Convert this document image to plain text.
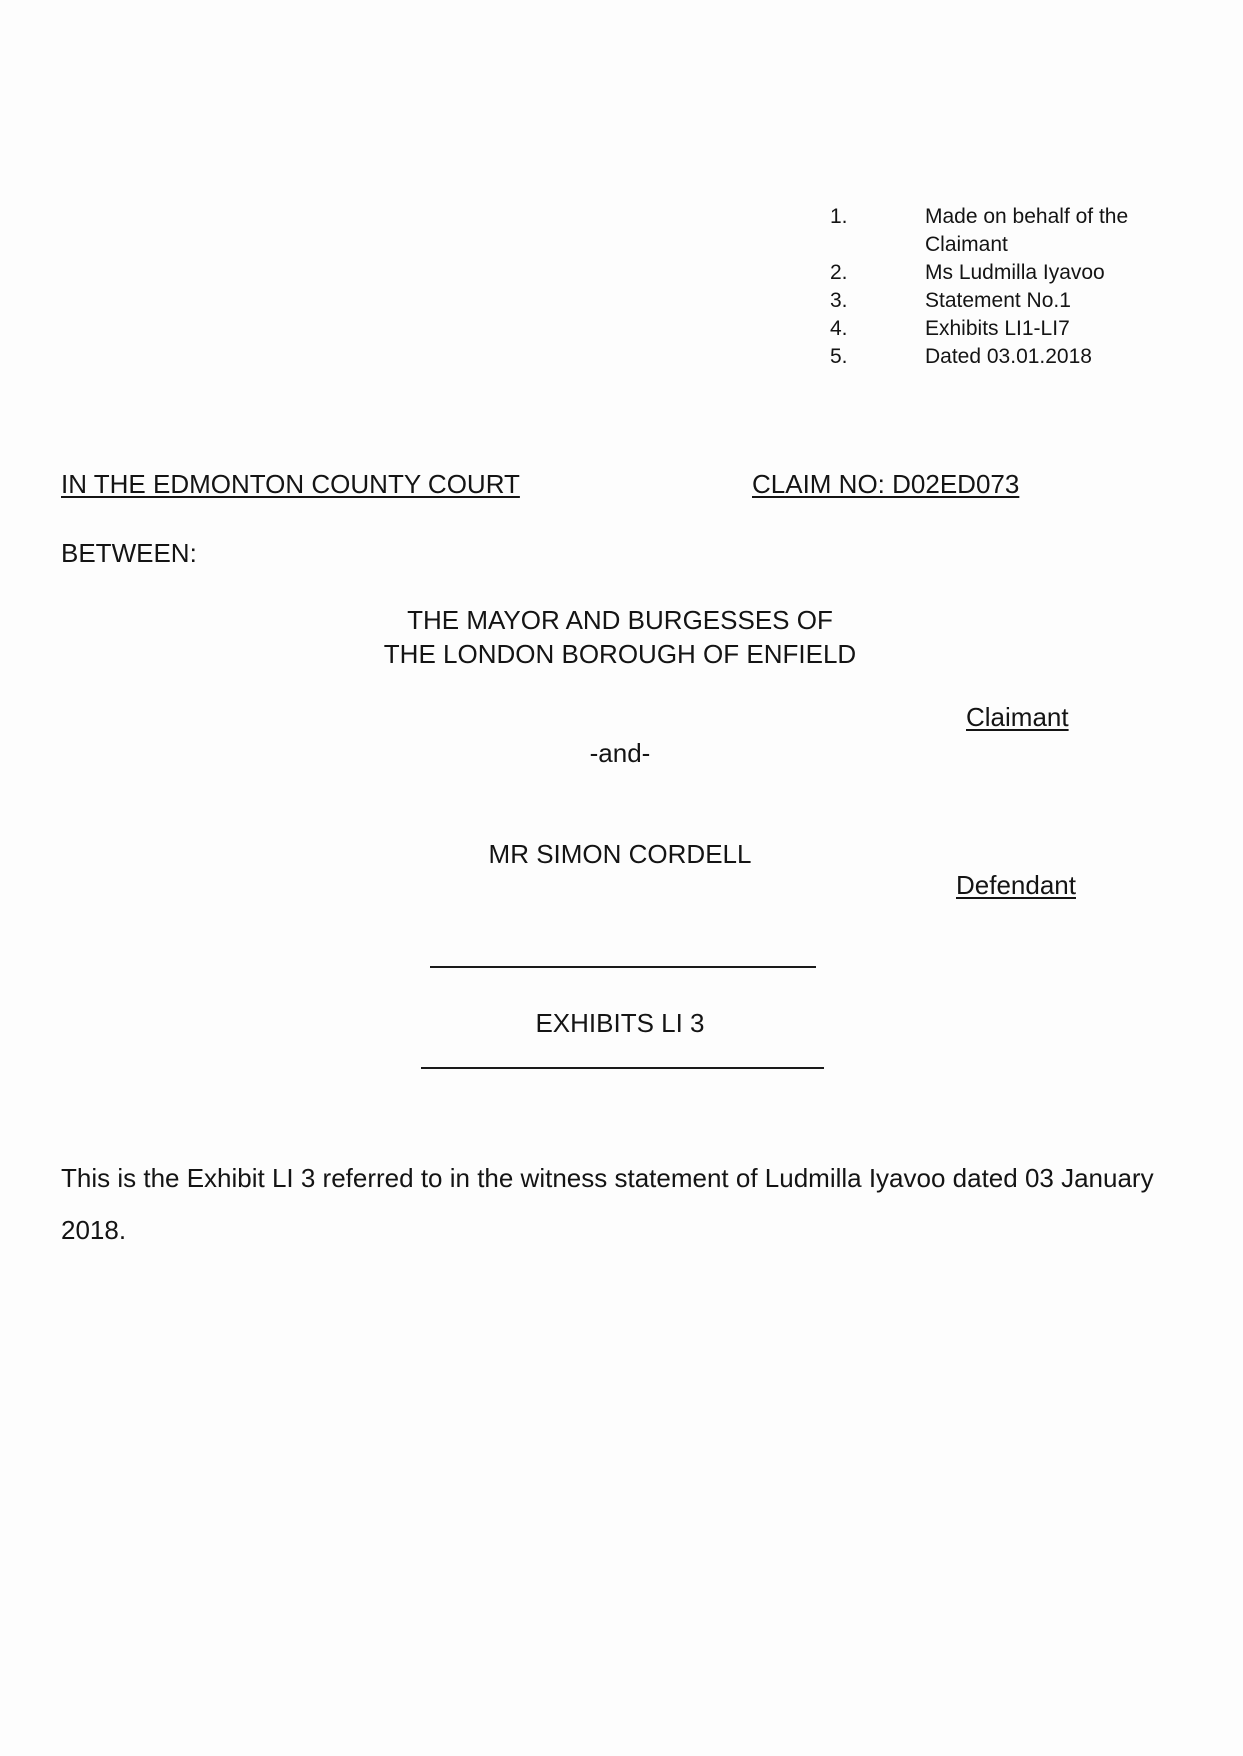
1.	Made on behalf of the Claimant
2.	Ms Ludmilla Iyavoo
3.	Statement No.1
4.	Exhibits LI1-LI7
5.	Dated 03.01.2018
IN THE EDMONTON COUNTY COURT	CLAIM NO: D02ED073
BETWEEN:
THE MAYOR AND BURGESSES OF
THE LONDON BOROUGH OF ENFIELD
Claimant
-and-
MR SIMON CORDELL
Defendant
EXHIBITS LI 3
This is the Exhibit LI 3 referred to in the witness statement of Ludmilla Iyavoo dated 03 January 2018.
